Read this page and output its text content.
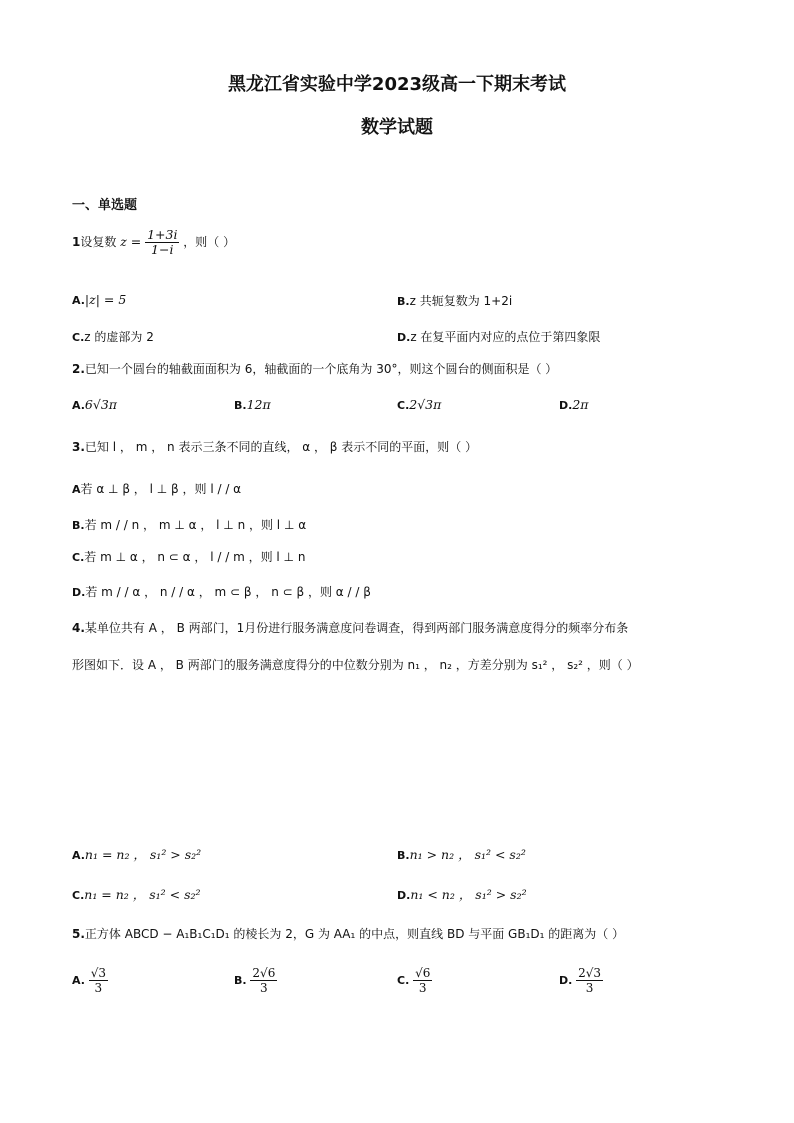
黑龙江省实验中学2023级高一下期末考试
数学试题
一、单选题
1设复数 $z = \frac{1+3i}{1-i}$ ，则（ ）
A.|z| = 5	B.z 共轭复数为 1+2i
C.z 的虚部为 2	D.z 在复平面内对应的点位于第四象限
2.已知一个圆台的轴截面面积为 6，轴截面的一个底角为 30°，则这个圆台的侧面积是（ ）
A.6√3π	B.12π	C.2√3π	D.2π
3.已知 l ， m ， n 表示三条不同的直线， α ， β 表示不同的平面，则（ ）
A若 α ⊥ β ， l ⊥ β ，则 l / / α
B.若 m / / n ， m ⊥ α ， l ⊥ n ，则 l ⊥ α
C.若 m ⊥ α ， n ⊂ α ， l / / m ，则 l ⊥ n
D.若 m / / α ， n / / α ， m ⊂ β ， n ⊂ β ，则 α / / β
4.某单位共有 A ， B 两部门，1月份进行服务满意度问卷调查，得到两部门服务满意度得分的频率分布条
形图如下．设 A ， B 两部门的服务满意度得分的中位数分别为 n₁ ， n₂ ，方差分别为 s₁² ， s₂² ，则（ ）
A.n₁ = n₂ ， s₁² > s₂²	B.n₁ > n₂ ， s₁² < s₂²
C.n₁ = n₂ ， s₁² < s₂²	D.n₁ < n₂ ， s₁² > s₂²
5.正方体 ABCD − A₁B₁C₁D₁ 的棱长为 2，G 为 AA₁ 的中点，则直线 BD 与平面 GB₁D₁ 的距离为（ ）
A. $\frac{√3}{3}$	B. $\frac{2√6}{3}$	C. $\frac{√6}{3}$	D. $\frac{2√3}{3}$
